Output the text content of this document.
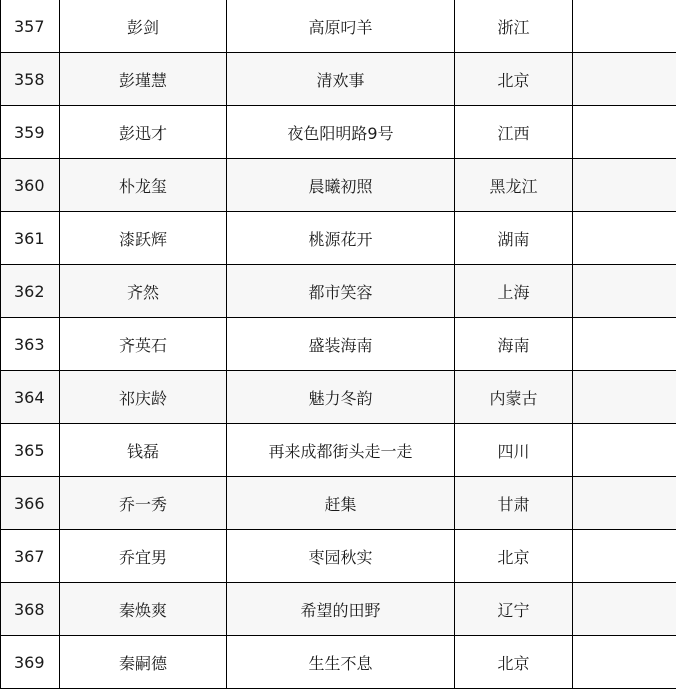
357	彭剑	高原叼羊	浙江	
358	彭瑾慧	清欢事	北京	
359	彭迅才	夜色阳明路9号	江西	
360	朴龙玺	晨曦初照	黑龙江	
361	漆跃辉	桃源花开	湖南	
362	齐然	都市笑容	上海	
363	齐英石	盛装海南	海南	
364	祁庆龄	魅力冬韵	内蒙古	
365	钱磊	再来成都街头走一走	四川	
366	乔一秀	赶集	甘肃	
367	乔宜男	枣园秋实	北京	
368	秦焕爽	希望的田野	辽宁	
369	秦嗣德	生生不息	北京	
